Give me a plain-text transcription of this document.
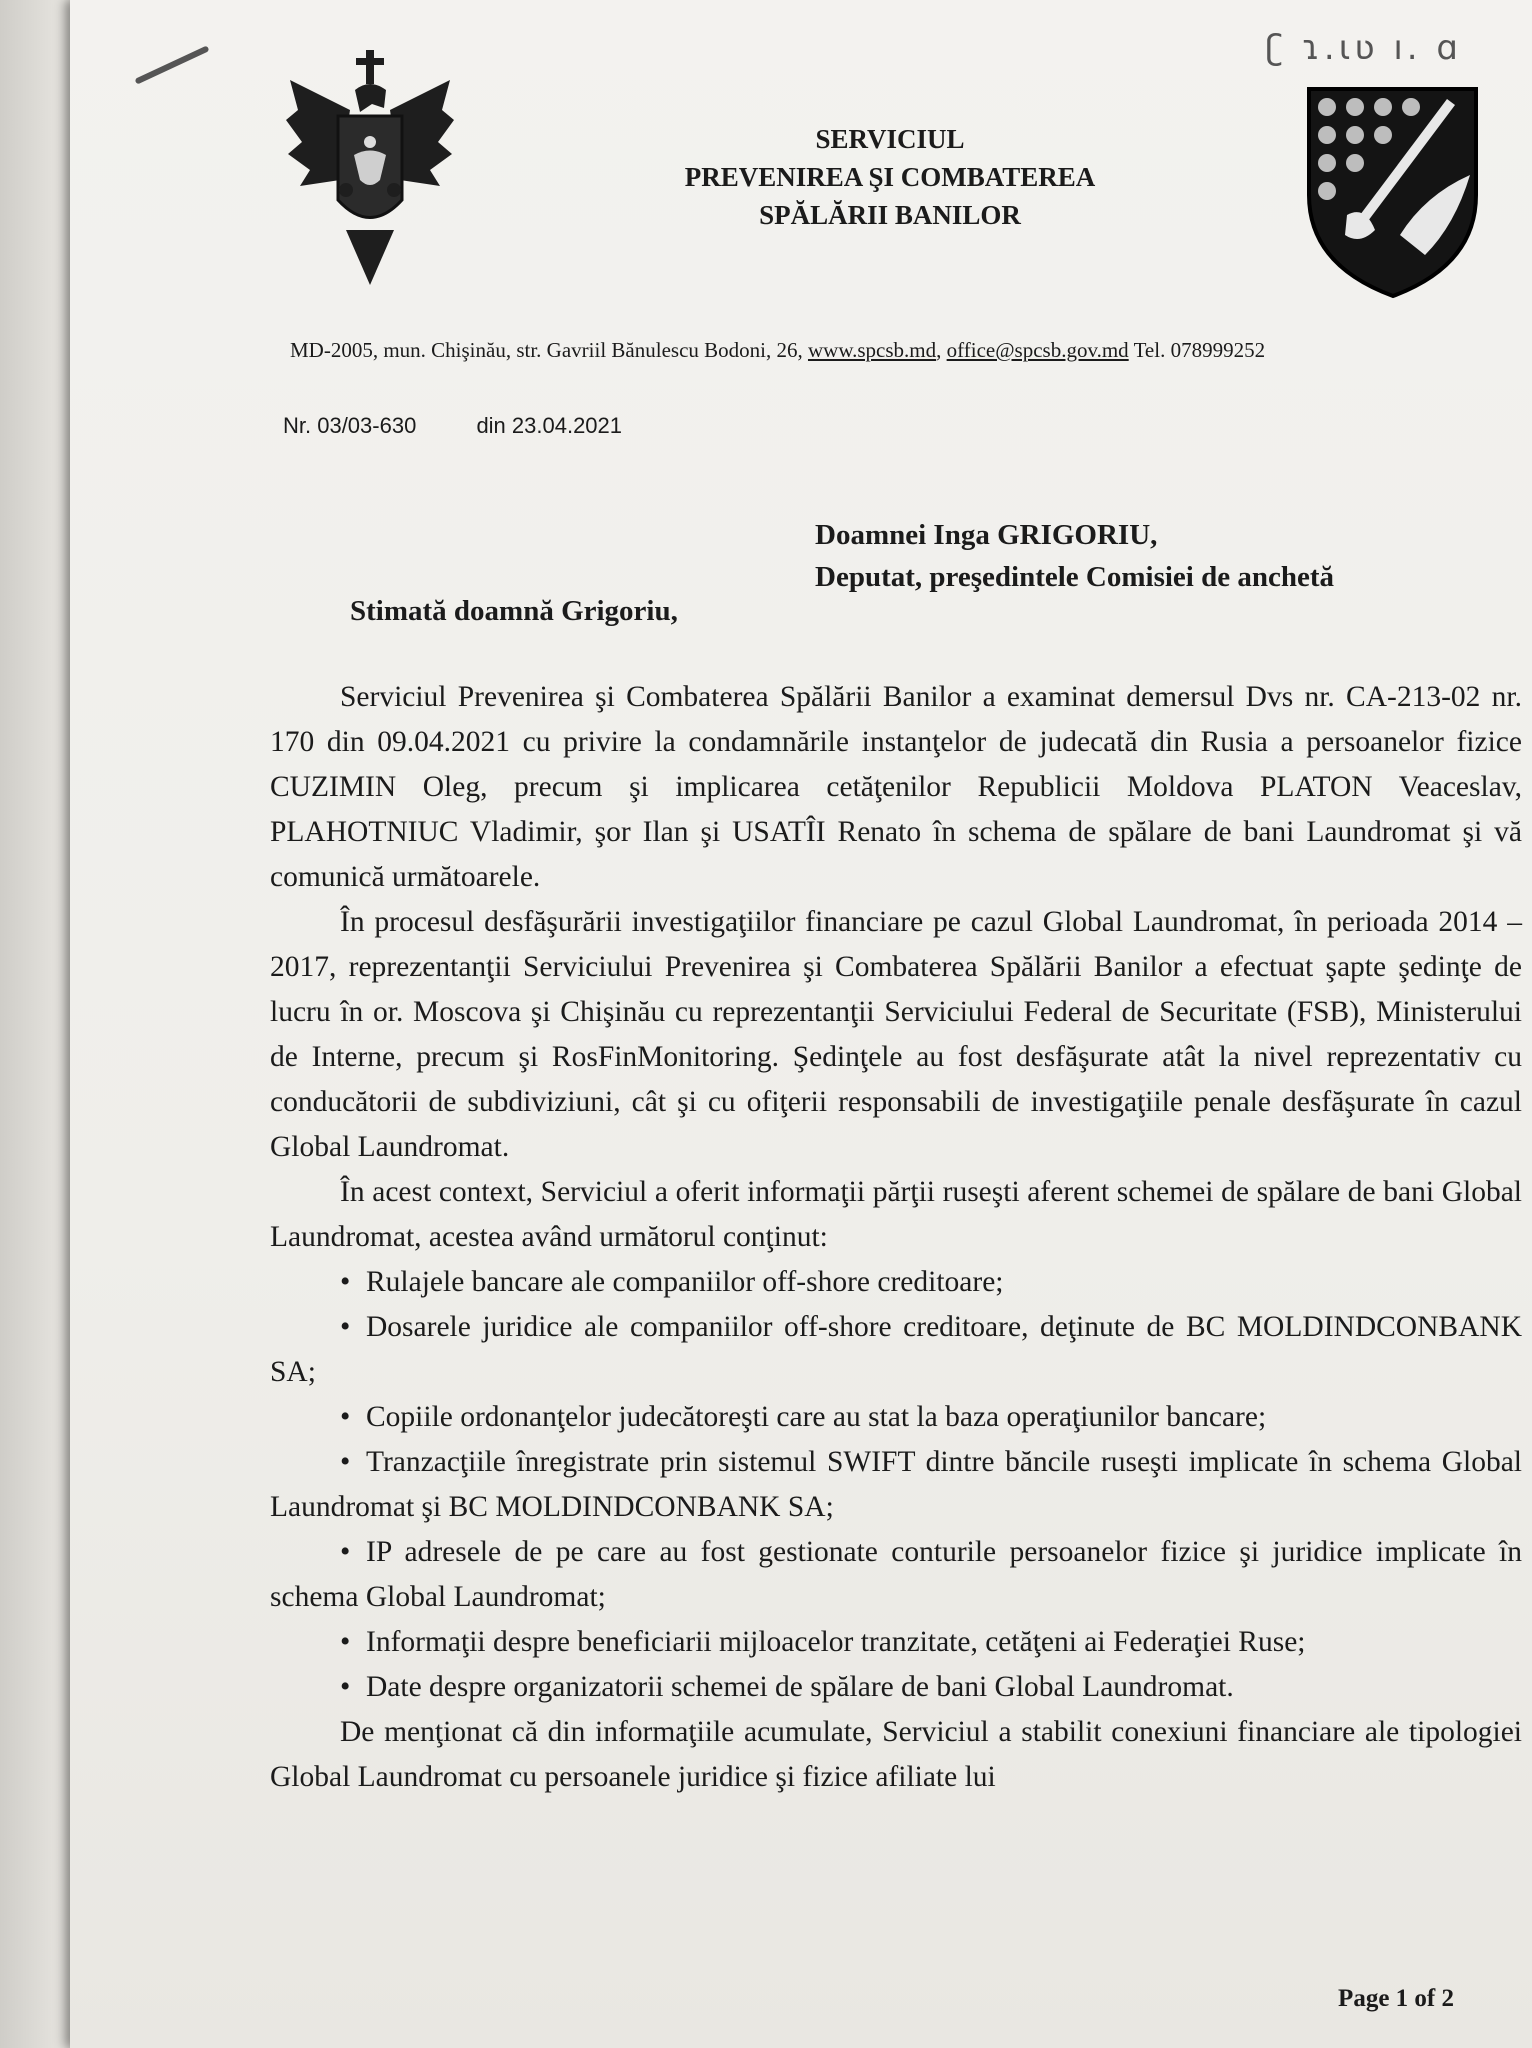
ʗ ɿ.ɩʋ ı. ɑ
SERVICIUL
PREVENIREA ŞI COMBATEREA
SPĂLĂRII BANILOR
MD-2005, mun. Chişinău, str. Gavriil Bănulescu Bodoni, 26, www.spcsb.md, office@spcsb.gov.md Tel. 078999252
Nr. 03/03-630	din 23.04.2021
Doamnei Inga GRIGORIU,
Deputat, preşedintele Comisiei de anchetă
Stimată doamnă Grigoriu,

Serviciul Prevenirea şi Combaterea Spălării Banilor a examinat demersul Dvs nr. CA-213-02 nr. 170 din 09.04.2021 cu privire la condamnările instanţelor de judecată din Rusia a persoanelor fizice CUZIMIN Oleg, precum şi implicarea cetăţenilor Republicii Moldova PLATON Veaceslav, PLAHOTNIUC Vladimir, şor Ilan şi USATÎI Renato în schema de spălare de bani Laundromat şi vă comunică următoarele.

În procesul desfăşurării investigaţiilor financiare pe cazul Global Laundromat, în perioada 2014 – 2017, reprezentanţii Serviciului Prevenirea şi Combaterea Spălării Banilor a efectuat şapte şedinţe de lucru în or. Moscova şi Chişinău cu reprezentanţii Serviciului Federal de Securitate (FSB), Ministerului de Interne, precum şi RosFinMonitoring. Şedinţele au fost desfăşurate atât la nivel reprezentativ cu conducătorii de subdiviziuni, cât şi cu ofiţerii responsabili de investigaţiile penale desfăşurate în cazul Global Laundromat.

În acest context, Serviciul a oferit informaţii părţii ruseşti aferent schemei de spălare de bani Global Laundromat, acestea având următorul conţinut:

• Rulajele bancare ale companiilor off-shore creditoare;
• Dosarele juridice ale companiilor off-shore creditoare, deţinute de BC MOLDINDCONBANK SA;
• Copiile ordonanţelor judecătoreşti care au stat la baza operaţiunilor bancare;
• Tranzacţiile înregistrate prin sistemul SWIFT dintre băncile ruseşti implicate în schema Global Laundromat şi BC MOLDINDCONBANK SA;
• IP adresele de pe care au fost gestionate conturile persoanelor fizice şi juridice implicate în schema Global Laundromat;
• Informaţii despre beneficiarii mijloacelor tranzitate, cetăţeni ai Federaţiei Ruse;
• Date despre organizatorii schemei de spălare de bani Global Laundromat.

De menţionat că din informaţiile acumulate, Serviciul a stabilit conexiuni financiare ale tipologiei Global Laundromat cu persoanele juridice şi fizice afiliate lui

Page 1 of 2
